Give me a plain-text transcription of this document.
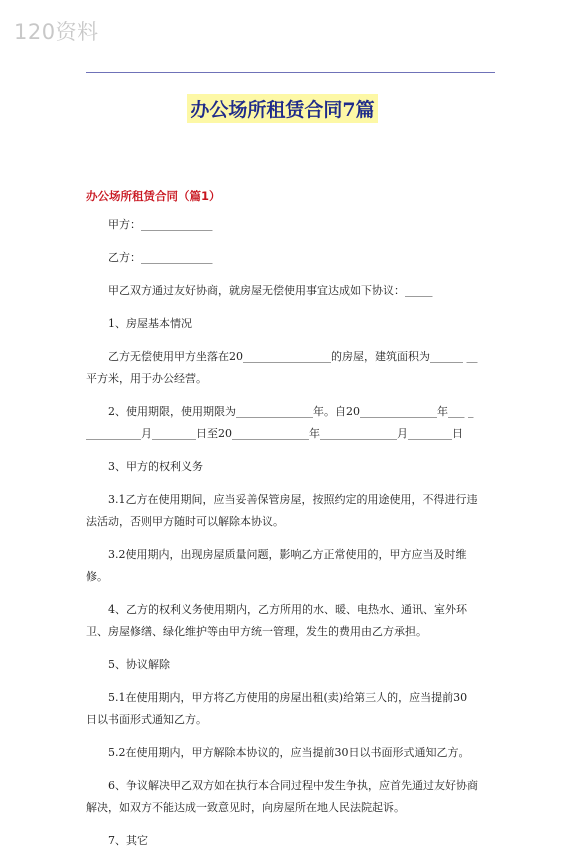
120资料
办公场所租赁合同7篇
办公场所租赁合同（篇1）

甲方：_____________

乙方：_____________

甲乙双方通过友好协商，就房屋无偿使用事宜达成如下协议：_____

1、房屋基本情况

乙方无偿使用甲方坐落在20________________的房屋，建筑面积为______ __平方米，用于办公经营。

2、使用期限，使用期限为______________年。自20______________年___ ___________月________日至20______________年______________月________日

3、甲方的权利义务

3.1乙方在使用期间，应当妥善保管房屋，按照约定的用途使用，不得进行违法活动，否则甲方随时可以解除本协议。

3.2使用期内，出现房屋质量问题，影响乙方正常使用的，甲方应当及时维修。

4、乙方的权利义务使用期内，乙方所用的水、暖、电热水、通讯、室外环卫、房屋修缮、绿化维护等由甲方统一管理，发生的费用由乙方承担。

5、协议解除

5.1在使用期内，甲方将乙方使用的房屋出租(卖)给第三人的，应当提前30日以书面形式通知乙方。

5.2在使用期内，甲方解除本协议的，应当提前30日以书面形式通知乙方。

6、争议解决甲乙双方如在执行本合同过程中发生争执，应首先通过友好协商解决，如双方不能达成一致意见时，向房屋所在地人民法院起诉。

7、其它
